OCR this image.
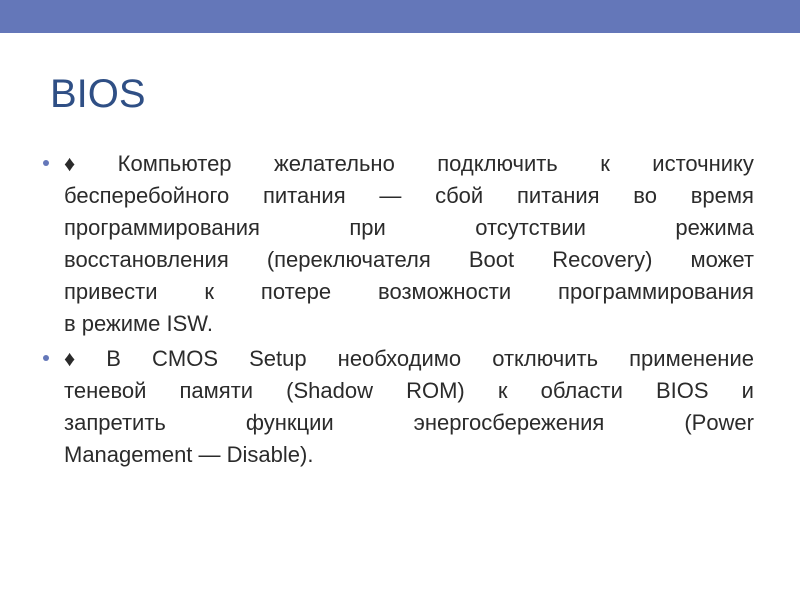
BIOS
♦ Компьютер желательно подключить к источнику
бесперебойного питания — сбой питания во время
программирования	при	отсутствии	режима
восстановления (переключателя Boot Recovery) может
привести к потере возможности программирования
в режиме ISW.
♦ В CMOS Setup необходимо отключить применение
теневой памяти (Shadow ROM) к области BIOS и
запретить	функции	энергосбережения	(Power
Management — Disable).
